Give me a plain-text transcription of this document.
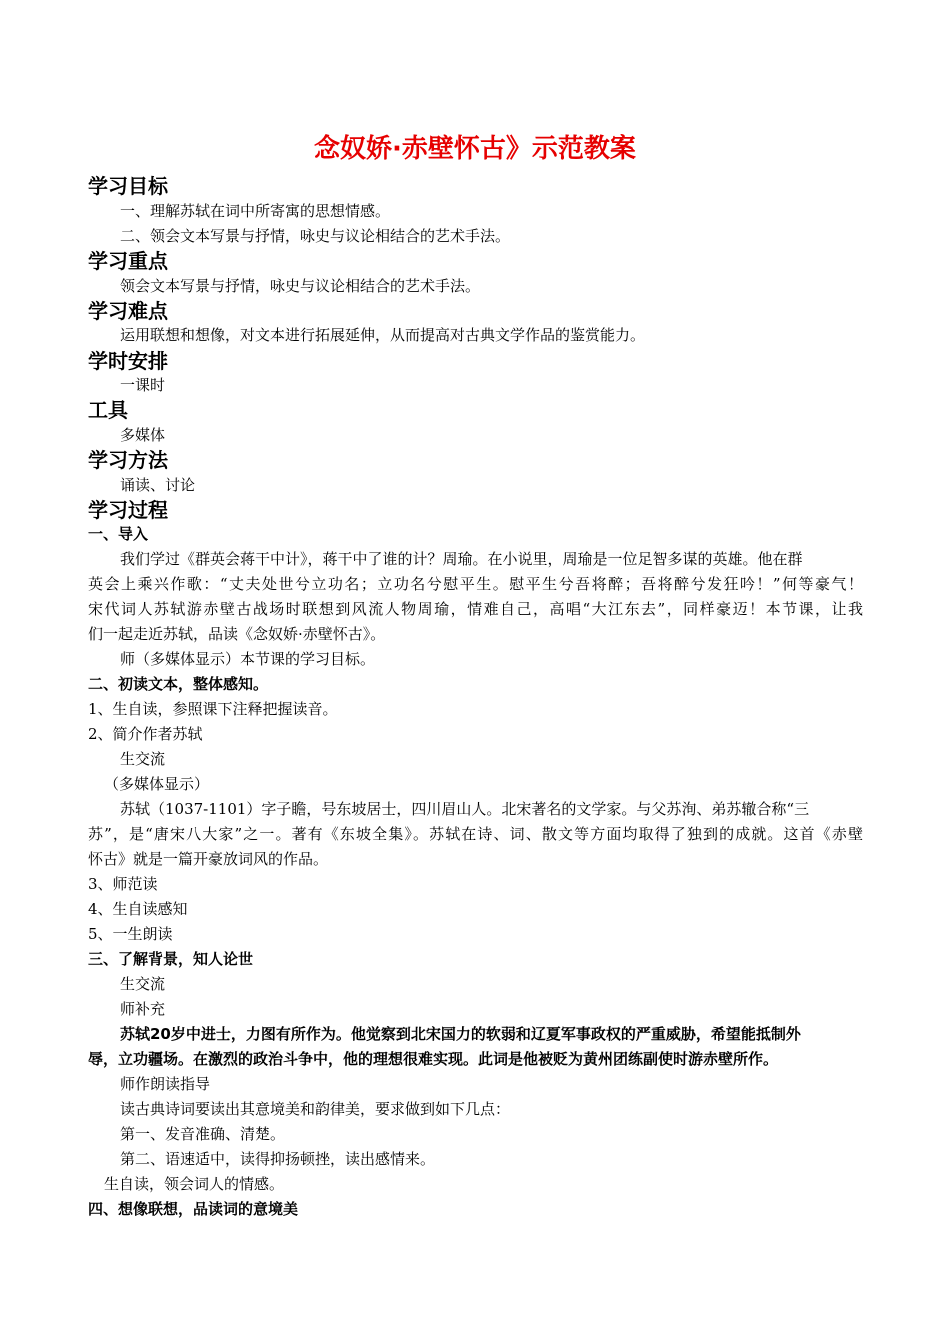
念奴娇·赤壁怀古》示范教案
学习目标
一、理解苏轼在词中所寄寓的思想情感。
二、领会文本写景与抒情，咏史与议论相结合的艺术手法。
学习重点
领会文本写景与抒情，咏史与议论相结合的艺术手法。
学习难点
运用联想和想像，对文本进行拓展延伸，从而提高对古典文学作品的鉴赏能力。
学时安排
一课时
工具
多媒体
学习方法
诵读、讨论
学习过程
一、导入
我们学过《群英会蒋干中计》，蒋干中了谁的计？周瑜。在小说里，周瑜是一位足智多谋的英雄。他在群
英会上乘兴作歌：“丈夫处世兮立功名；立功名兮慰平生。慰平生兮吾将醉；吾将醉兮发狂吟！”何等豪气！
宋代词人苏轼游赤壁古战场时联想到风流人物周瑜，情难自己，高唱“大江东去”，同样豪迈！本节课，让我
们一起走近苏轼，品读《念奴娇·赤壁怀古》。
师（多媒体显示）本节课的学习目标。
二、初读文本，整体感知。
1、生自读，参照课下注释把握读音。
2、简介作者苏轼
生交流
（多媒体显示）
苏轼（1037-1101）字子瞻，号东坡居士，四川眉山人。北宋著名的文学家。与父苏洵、弟苏辙合称“三
苏”，是“唐宋八大家”之一。著有《东坡全集》。苏轼在诗、词、散文等方面均取得了独到的成就。这首《赤壁
怀古》就是一篇开豪放词风的作品。
3、师范读
4、生自读感知
5、一生朗读
三、了解背景，知人论世
生交流
师补充
苏轼20岁中进士，力图有所作为。他觉察到北宋国力的软弱和辽夏军事政权的严重威胁，希望能抵制外
辱，立功疆场。在激烈的政治斗争中，他的理想很难实现。此词是他被贬为黄州团练副使时游赤壁所作。
师作朗读指导
读古典诗词要读出其意境美和韵律美，要求做到如下几点：
第一、发音准确、清楚。
第二、语速适中，读得抑扬顿挫，读出感情来。
生自读，领会词人的情感。
四、想像联想，品读词的意境美
